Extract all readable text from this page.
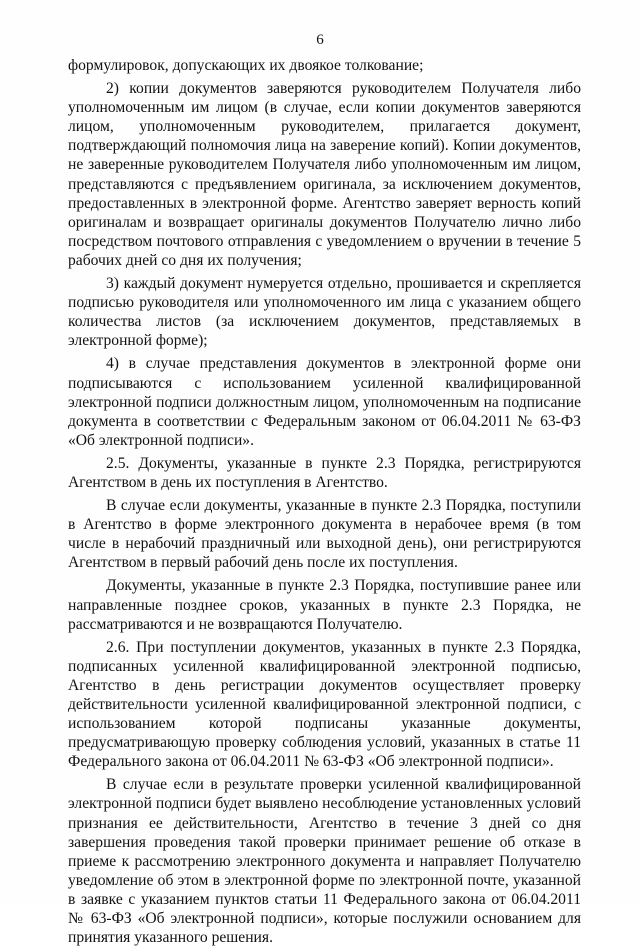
6

формулировок, допускающих их двоякое толкование;

2) копии документов заверяются руководителем Получателя либо уполномоченным им лицом (в случае, если копии документов заверяются лицом, уполномоченным руководителем, прилагается документ, подтверждающий полномочия лица на заверение копий). Копии документов, не заверенные руководителем Получателя либо уполномоченным им лицом, представляются с предъявлением оригинала, за исключением документов, предоставленных в электронной форме. Агентство заверяет верность копий оригиналам и возвращает оригиналы документов Получателю лично либо посредством почтового отправления с уведомлением о вручении в течение 5 рабочих дней со дня их получения;

3) каждый документ нумеруется отдельно, прошивается и скрепляется подписью руководителя или уполномоченного им лица с указанием общего количества листов (за исключением документов, представляемых в электронной форме);

4) в случае представления документов в электронной форме они подписываются с использованием усиленной квалифицированной электронной подписи должностным лицом, уполномоченным на подписание документа в соответствии с Федеральным законом от 06.04.2011 № 63-ФЗ «Об электронной подписи».

2.5. Документы, указанные в пункте 2.3 Порядка, регистрируются Агентством в день их поступления в Агентство.

В случае если документы, указанные в пункте 2.3 Порядка, поступили в Агентство в форме электронного документа в нерабочее время (в том числе в нерабочий праздничный или выходной день), они регистрируются Агентством в первый рабочий день после их поступления.

Документы, указанные в пункте 2.3 Порядка, поступившие ранее или направленные позднее сроков, указанных в пункте 2.3 Порядка, не рассматриваются и не возвращаются Получателю.

2.6. При поступлении документов, указанных в пункте 2.3 Порядка, подписанных усиленной квалифицированной электронной подписью, Агентство в день регистрации документов осуществляет проверку действительности усиленной квалифицированной электронной подписи, с использованием которой подписаны указанные документы, предусматривающую проверку соблюдения условий, указанных в статье 11 Федерального закона от 06.04.2011 № 63-ФЗ «Об электронной подписи».

В случае если в результате проверки усиленной квалифицированной электронной подписи будет выявлено несоблюдение установленных условий признания ее действительности, Агентство в течение 3 дней со дня завершения проведения такой проверки принимает решение об отказе в приеме к рассмотрению электронного документа и направляет Получателю уведомление об этом в электронной форме по электронной почте, указанной в заявке с указанием пунктов статьи 11 Федерального закона от 06.04.2011 № 63-ФЗ «Об электронной подписи», которые послужили основанием для принятия указанного решения.
